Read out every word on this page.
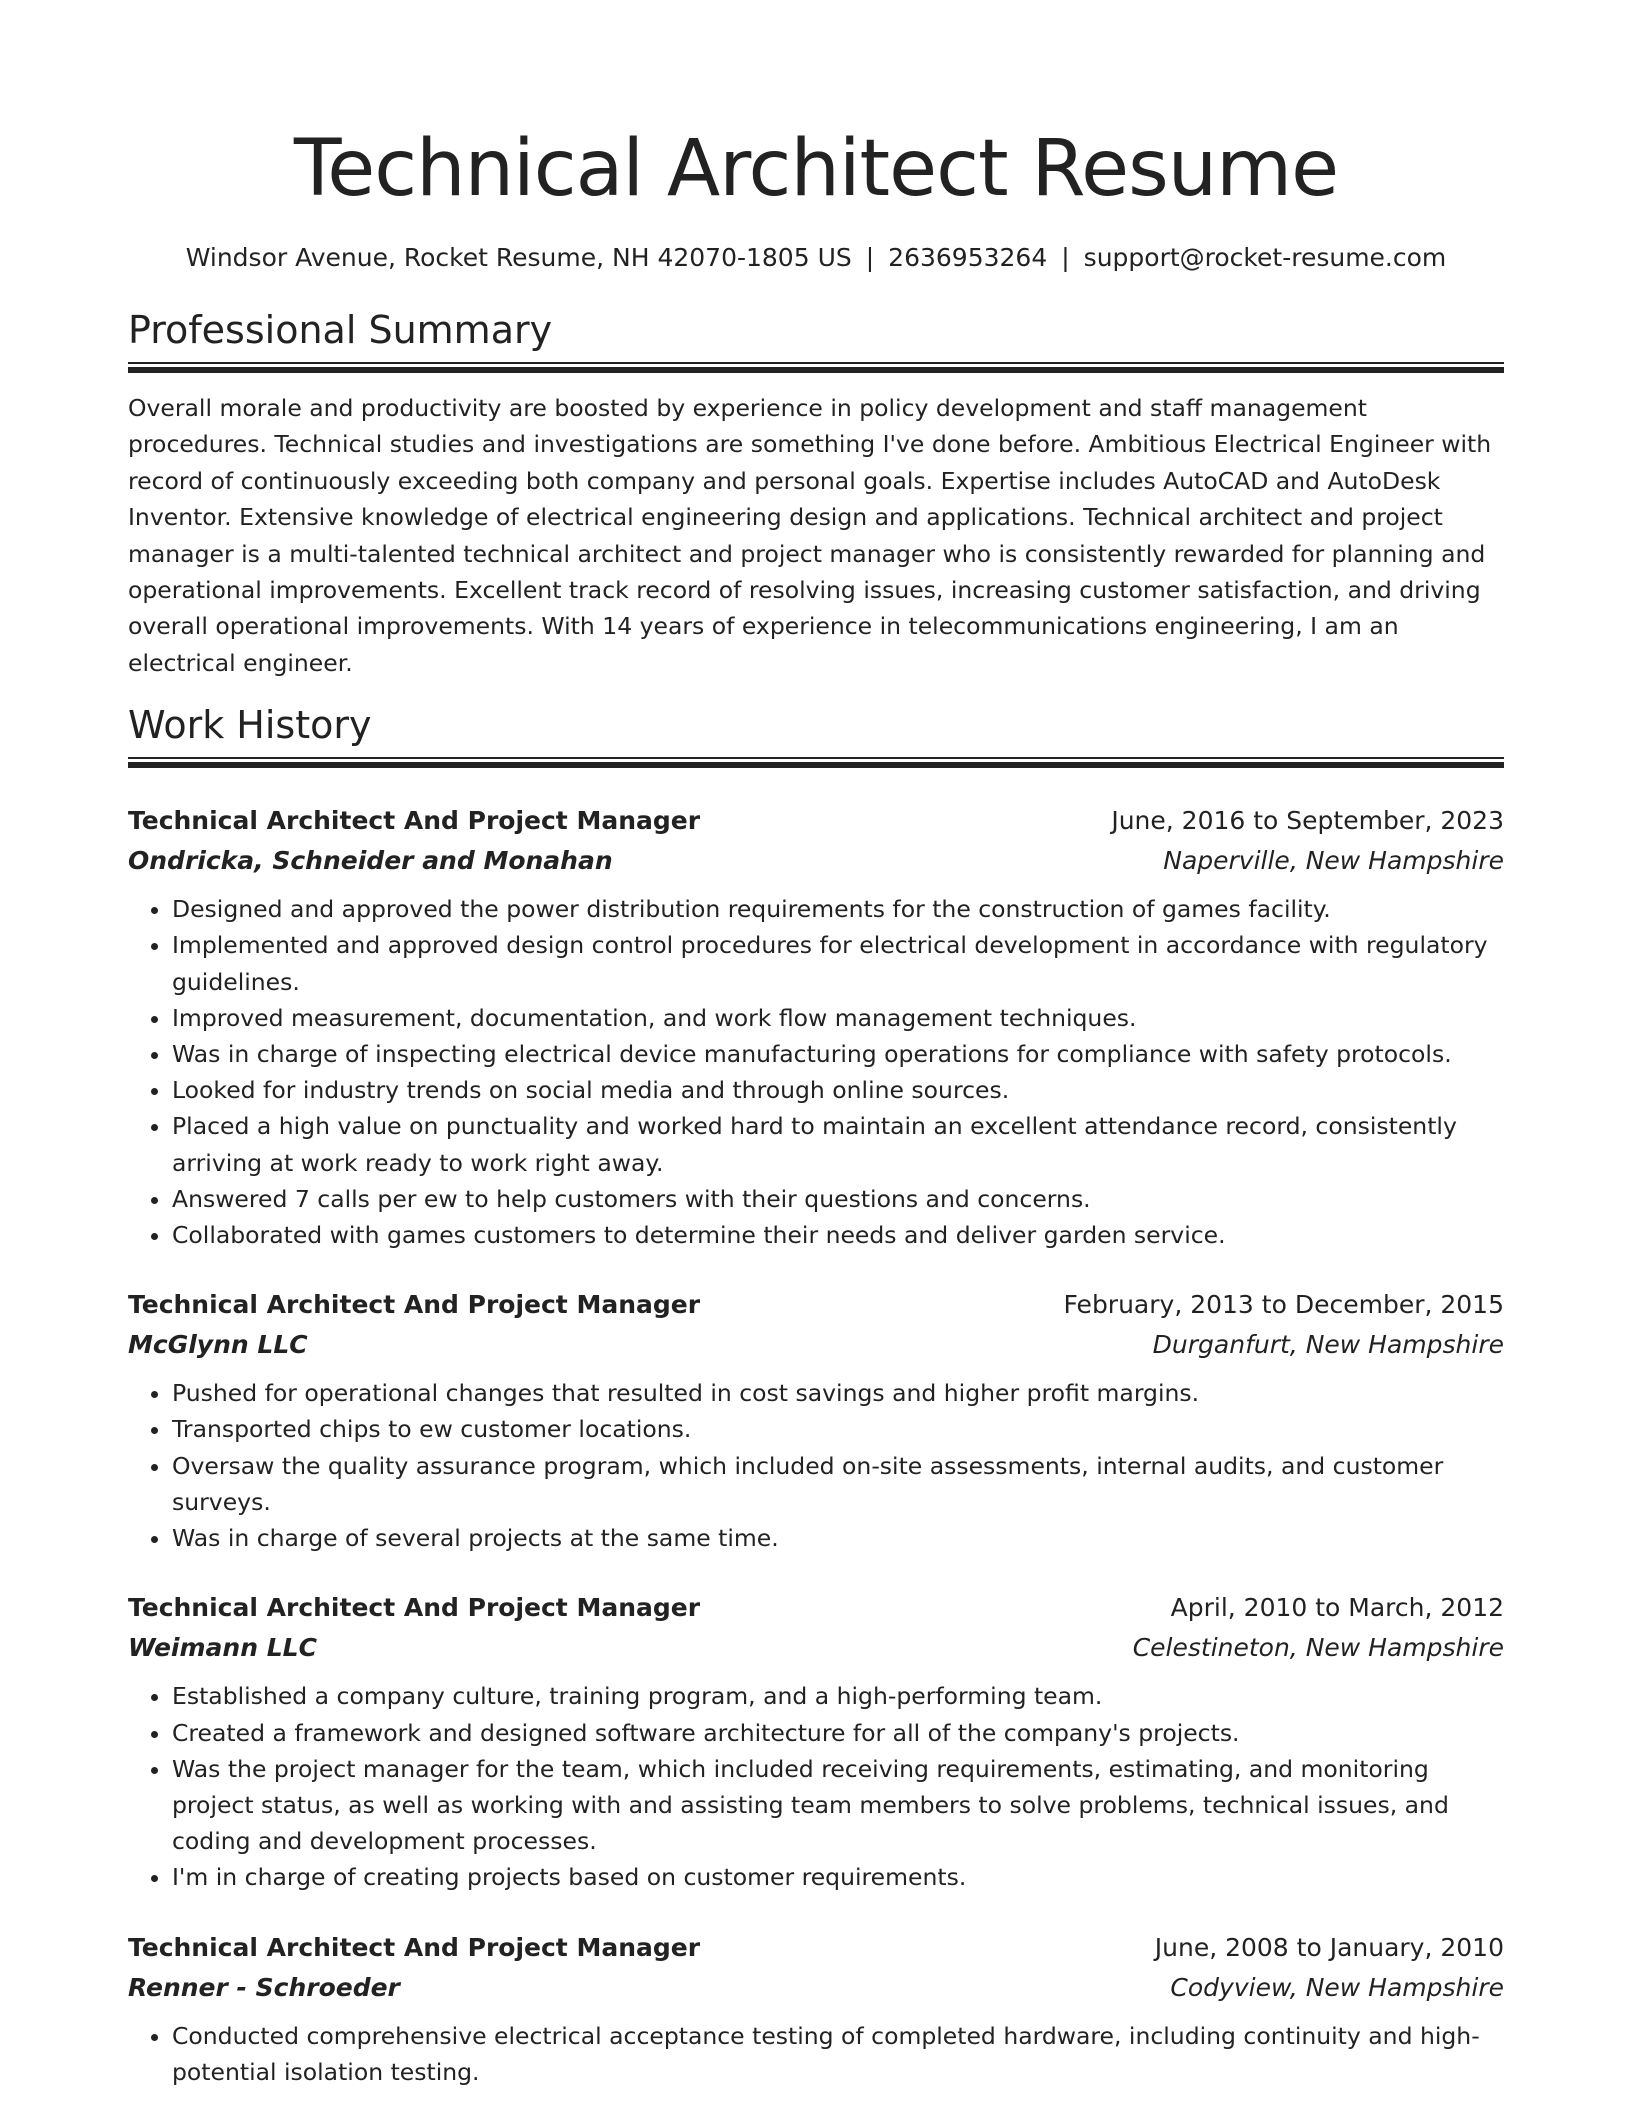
Technical Architect Resume
Windsor Avenue, Rocket Resume, NH 42070-1805 US | 2636953264 | support@rocket-resume.com
Professional Summary

Overall morale and productivity are boosted by experience in policy development and staff management procedures. Technical studies and investigations are something I've done before. Ambitious Electrical Engineer with record of continuously exceeding both company and personal goals. Expertise includes AutoCAD and AutoDesk Inventor. Extensive knowledge of electrical engineering design and applications. Technical architect and project manager is a multi-talented technical architect and project manager who is consistently rewarded for planning and operational improvements. Excellent track record of resolving issues, increasing customer satisfaction, and driving overall operational improvements. With 14 years of experience in telecommunications engineering, I am an electrical engineer.

Work History
Technical Architect And Project Manager	June, 2016 to September, 2023
Ondricka, Schneider and Monahan	Naperville, New Hampshire
• Designed and approved the power distribution requirements for the construction of games facility.
• Implemented and approved design control procedures for electrical development in accordance with regulatory guidelines.
• Improved measurement, documentation, and work flow management techniques.
• Was in charge of inspecting electrical device manufacturing operations for compliance with safety protocols.
• Looked for industry trends on social media and through online sources.
• Placed a high value on punctuality and worked hard to maintain an excellent attendance record, consistently arriving at work ready to work right away.
• Answered 7 calls per ew to help customers with their questions and concerns.
• Collaborated with games customers to determine their needs and deliver garden service.
Technical Architect And Project Manager	February, 2013 to December, 2015
McGlynn LLC	Durganfurt, New Hampshire
• Pushed for operational changes that resulted in cost savings and higher profit margins.
• Transported chips to ew customer locations.
• Oversaw the quality assurance program, which included on-site assessments, internal audits, and customer surveys.
• Was in charge of several projects at the same time.
Technical Architect And Project Manager	April, 2010 to March, 2012
Weimann LLC	Celestineton, New Hampshire
• Established a company culture, training program, and a high-performing team.
• Created a framework and designed software architecture for all of the company's projects.
• Was the project manager for the team, which included receiving requirements, estimating, and monitoring project status, as well as working with and assisting team members to solve problems, technical issues, and coding and development processes.
• I'm in charge of creating projects based on customer requirements.
Technical Architect And Project Manager	June, 2008 to January, 2010
Renner - Schroeder	Codyview, New Hampshire
• Conducted comprehensive electrical acceptance testing of completed hardware, including continuity and high-potential isolation testing.
